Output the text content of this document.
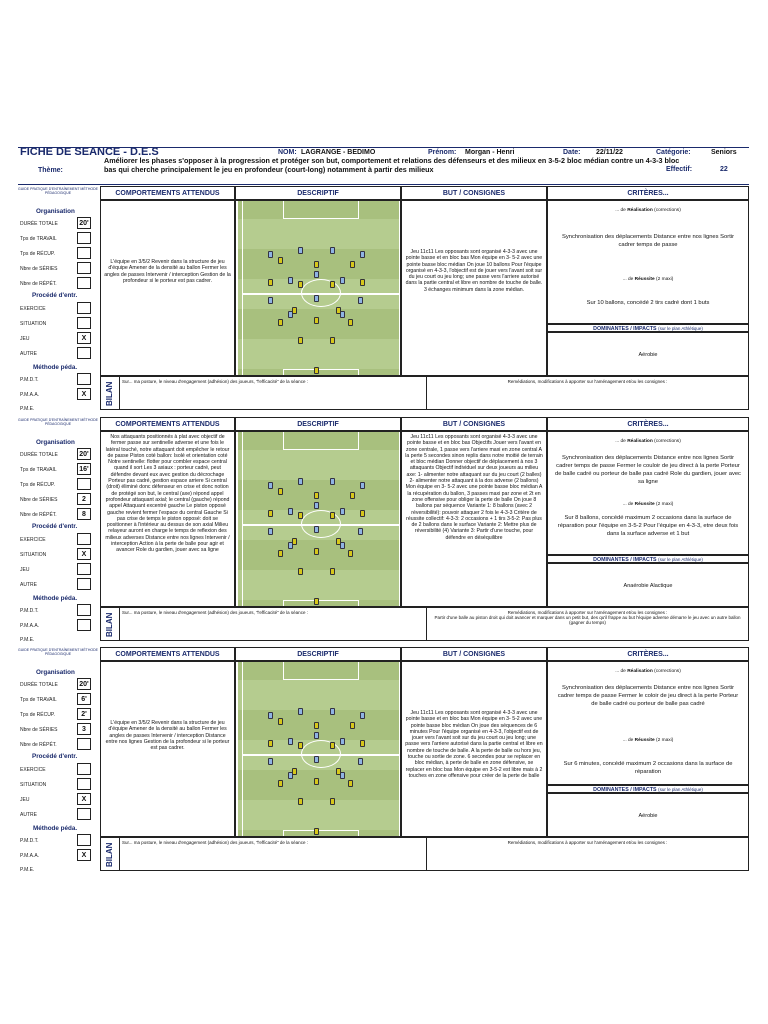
FICHE DE SEANCE - D.E.S	NOM: LAGRANGE - BEDIMO	Prénom: Morgan - Henri	Date: 22/11/22	Catégorie:	Seniors
Thème:
Améliorer les phases s'opposer à la progression et protéger son but, comportement et relations des défenseurs et des milieux en 3-5-2 bloc médian contre un 4-3-3 bloc bas qui cherche principalement le jeu en profondeur (court-long) notamment à partir des milieux	Effectif:	22
GUIDE PRATIQUE D'ENTRAÎNEMENT MÉTHODE PÉDAGOGIQUE
Organisation
DURÉE TOTALE	20'
Tps de TRAVAIL
Tps de RÉCUP.
Nbre de SÉRIES
Nbre de RÉPÉT.
Procédé d'entr.
EXERCICE
SITUATION
JEU	X
AUTRE
Méthode péda.
P.M.D.T.
P.M.A.A.	X
P.M.E.
COMPORTEMENTS ATTENDUS	DESCRIPTIF	BUT / CONSIGNES	CRITÈRES...
L'équipe en 3/5/2 Revenir dans la structure de jeu d'équipe Amener de la densité au ballon Fermer les angles de passes Intervenir / interception Gestion de la profondeur si le porteur est pas cadrer.
Jeu 11c11 Les opposants sont organisé 4-3-3 avec une pointe basse et en bloc bas Mon équipe en 3- 5-2 avec une pointe basse bloc médian On joue 10 ballons Pour l'équipe organisé en 4-3-3, l'objectif est de jouer vers l'avant soit sur du jeu court ou jeu long; une passe vers l'arriere autorisé dans la partie central et libre en nombre de touche de balle. 3 échanges minimum dans la zone médian.
... de Réalisation (corrections)
Synchronisation des déplacements Distance entre nos lignes Sortir cadrer temps de passe
... de Réussite (2 maxi)
Sur 10 ballons, concédé 2 tirs cadré dont 1 buts
DOMINANTES / IMPACTS (sur le plan Athlétique)
Aérobie
BILAN
Sur... ma posture, le niveau d'engagement (adhésion) des joueurs, "l'efficacité" de la séance :	Remédiations, modifications à apporter sur l'aménagement et/ou les consignes :
GUIDE PRATIQUE D'ENTRAÎNEMENT MÉTHODE PÉDAGOGIQUE
Organisation
DURÉE TOTALE	20'
Tps de TRAVAIL	16'
Tps de RÉCUP.
Nbre de SÉRIES	2
Nbre de RÉPÉT.	8
Procédé d'entr.
EXERCICE
SITUATION	X
JEU
AUTRE
Méthode péda.
P.M.D.T.
P.M.A.A.
P.M.E.
COMPORTEMENTS ATTENDUS	DESCRIPTIF	BUT / CONSIGNES	CRITÈRES...
Nos attaquants positionnés à plat avec objectif de fermer passe sur sentinelle adverse et une fois le latéral touché, notre attaquant doit empêcher le retour de passe Piston coté ballon: Isolé et orientation coté Notre sentinelle: flotter pour combler espace central quand il sort Les 3 axiaux : porteur cadré, peut défendre devant eux avec gestion du décrochage Porteur pas cadré, gestion espace arriere Si central (droit) éliminé donc défenseur en crise et donc notion de protégé son but, le central (axe) répond appel profondeur attaquant axial; le central (gauche) répond appel Attaquant excentré gauche Le piston opposé gauche revient fermer l'espace du central Gauche Si pas crise de temps le piston opposé: doit se positionner à l'intérieur au dessus de son axial Milieu relayeur auront en charge le temps de reflexion des milieux adverses Distance entre nos lignes Intervenir / interception Action à la perte de balle pour agir et avancer Role du gardien, jouer avec sa ligne
Jeu 11c11 Les opposants sont organisé 4-3-3 avec une pointe basse et en bloc bas Objectifs Jouer vers l'avant en zone centrale, 1 passe vers l'arriere maxi en zone central A la perte 5 secondes sinon replis dans notre moitié de terrain et bloc médian Donner objectif de déplacement à nos 3 attaquants Objectif individuel sur deux joueurs au milieu axe: 1- alimenter notre attaquant sur du jeu court (2 balles) 2- alimenter notre attaquant à la dos adverse (2 ballons) Mon équipe en 3- 5-2 avec une pointe basse bloc médian A la récupération du ballon, 3 passes maxi par zone et 2t en zone offensive pour obliger la perte de balle On joue 8 ballons par séquence Variante 1: 8 ballons (avec 2 réversibilité): pouvoir attaquer 2 fois le 4-3-3 Critère de réussite collectif: 4-3-3: 2 occasions + 1 tirs 3-5-2: Pas plus de 2 ballons dans le surface Variante 2: Mettre plus de réversibilité (4) Variante 3: Partir d'une touche, pour défendre en déséquilibre
... de Réalisation (corrections)
Synchronisation des déplacements Distance entre nos lignes Sortir cadrer temps de passe Fermer le couloir de jeu direct à la perte Porteur de balle cadré ou porteur de balle pas cadré Role du gardien, jouer avec sa ligne
... de Réussite (2 maxi)
Sur 8 ballons, concédé maximum 2 occasions dans la surface de réparation pour l'équipe en 3-5-2 Pour l'équipe en 4-3-3, etre deux fois dans la surface adverse et 1 but
DOMINANTES / IMPACTS (sur le plan Athlétique)
Anaérobie Alactique
BILAN
Sur... ma posture, le niveau d'engagement (adhésion) des joueurs, "l'efficacité" de la séance :	Remédiations, modifications à apporter sur l'aménagement et/ou les consignes :
Partir d'une balle au piston droit qui doit avancer et marquer dans un petit but, des qu'il frappe au but l'équipe adverse démarre le jeu avec un autre ballon (gagner du temps)
GUIDE PRATIQUE D'ENTRAÎNEMENT MÉTHODE PÉDAGOGIQUE
Organisation
DURÉE TOTALE	20'
Tps de TRAVAIL	6'
Tps de RÉCUP.	2'
Nbre de SÉRIES	3
Nbre de RÉPÉT.
Procédé d'entr.
EXERCICE
SITUATION
JEU	X
AUTRE
Méthode péda.
P.M.D.T.
P.M.A.A.	X
P.M.E.
COMPORTEMENTS ATTENDUS	DESCRIPTIF	BUT / CONSIGNES	CRITÈRES...
L'équipe en 3/5/2 Revenir dans la structure de jeu d'équipe Amener de la densité au ballon Fermer les angles de passes Intervenir / interception Distance entre nos lignes Gestion de la profondeur si le porteur est pas cadrer.
Jeu 11c11 Les opposants sont organisé 4-3-3 avec une pointe basse et en bloc bas Mon équipe en 3- 5-2 avec une pointe basse bloc médian On joue des séquences de 6 minutes Pour l'équipe organisé en 4-3-3, l'objectif est de jouer vers l'avant soit sur du jeu court ou jeu long; une passe vers l'arriere autorisé dans la partie central et libre en nombre de touche de balle. A la perte de balle ou hors jeu, touche ou sortie de zone. 6 secondes pour se replacer en bloc médian, à perte de balle en zone défensive, se replacer en bloc bas Mon équipe en 3-5-2 est libre mais à 2 touches en zone offensive pour créer de la perte de balle
... de Réalisation (corrections)
Synchronisation des déplacements Distance entre nos lignes Sortir cadrer temps de passe Fermer le coloir de jeu direct à la perte Porteur de balle cadré ou porteur de balle pas cadré
... de Réussite (2 maxi)
Sur 6 minutes, concédé maximum 2 occasions dans la surface de réparation
DOMINANTES / IMPACTS (sur le plan Athlétique)
Aérobie
BILAN
Sur... ma posture, le niveau d'engagement (adhésion) des joueurs, "l'efficacité" de la séance :	Remédiations, modifications à apporter sur l'aménagement et/ou les consignes :
